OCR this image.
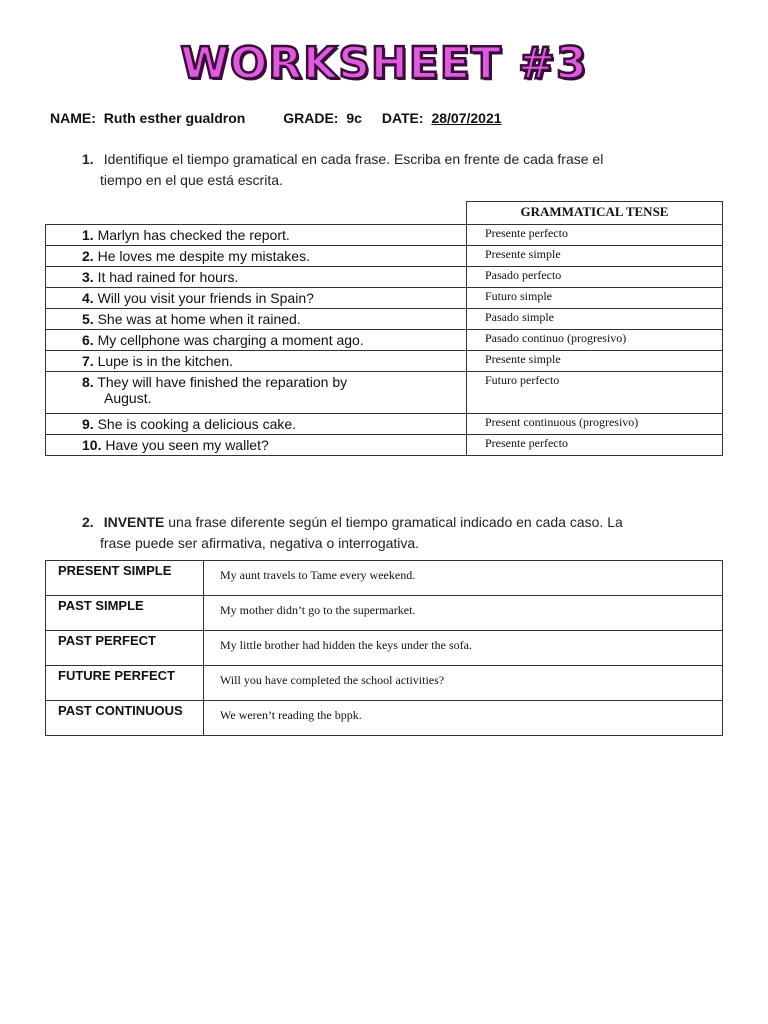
WORKSHEET #3
NAME: Ruth esther gualdron	GRADE: 9c DATE: 28/07/2021
1. Identifique el tiempo gramatical en cada frase. Escriba en frente de cada frase el
tiempo en el que está escrita.
	GRAMMATICAL TENSE
1. Marlyn has checked the report.	Presente perfecto
2. He loves me despite my mistakes.	Presente simple
3. It had rained for hours.	Pasado perfecto
4. Will you visit your friends in Spain?	Futuro simple
5. She was at home when it rained.	Pasado simple
6. My cellphone was charging a moment ago.	Pasado continuo (progresivo)
7. Lupe is in the kitchen.	Presente simple
8. They will have finished the reparation by
August.	Futuro perfecto
9. She is cooking a delicious cake.	Present continuous (progresivo)
10. Have you seen my wallet?	Presente perfecto
2. INVENTE una frase diferente según el tiempo gramatical indicado en cada caso. La
frase puede ser afirmativa, negativa o interrogativa.
PRESENT SIMPLE	My aunt travels to Tame every weekend.
PAST SIMPLE	My mother didn’t go to the supermarket.
PAST PERFECT	My little brother had hidden the keys under the sofa.
FUTURE PERFECT	Will you have completed the school activities?
PAST CONTINUOUS	We weren’t reading the bppk.
